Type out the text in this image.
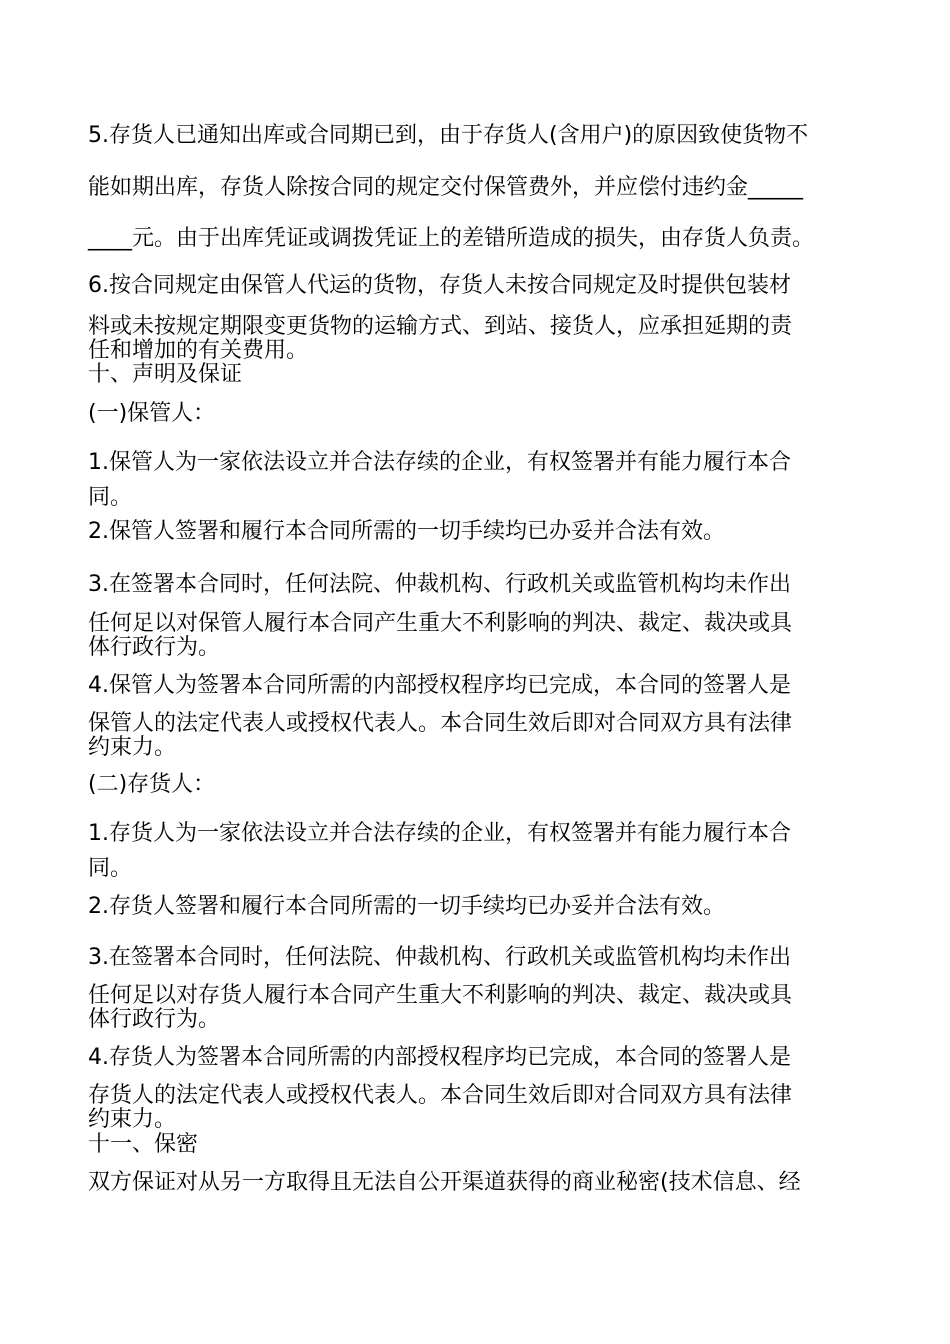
5.存货人已通知出库或合同期已到，由于存货人(含用户)的原因致使货物不

能如期出库，存货人除按合同的规定交付保管费外，并应偿付违约金_____

____元。由于出库凭证或调拨凭证上的差错所造成的损失，由存货人负责。

6.按合同规定由保管人代运的货物，存货人未按合同规定及时提供包装材

料或未按规定期限变更货物的运输方式、到站、接货人，应承担延期的责

任和增加的有关费用。

十、声明及保证

(一)保管人：

1.保管人为一家依法设立并合法存续的企业，有权签署并有能力履行本合

同。

2.保管人签署和履行本合同所需的一切手续均已办妥并合法有效。

3.在签署本合同时，任何法院、仲裁机构、行政机关或监管机构均未作出

任何足以对保管人履行本合同产生重大不利影响的判决、裁定、裁决或具

体行政行为。

4.保管人为签署本合同所需的内部授权程序均已完成，本合同的签署人是

保管人的法定代表人或授权代表人。本合同生效后即对合同双方具有法律

约束力。

(二)存货人：

1.存货人为一家依法设立并合法存续的企业，有权签署并有能力履行本合

同。

2.存货人签署和履行本合同所需的一切手续均已办妥并合法有效。

3.在签署本合同时，任何法院、仲裁机构、行政机关或监管机构均未作出

任何足以对存货人履行本合同产生重大不利影响的判决、裁定、裁决或具

体行政行为。

4.存货人为签署本合同所需的内部授权程序均已完成，本合同的签署人是

存货人的法定代表人或授权代表人。本合同生效后即对合同双方具有法律

约束力。

十一、保密

双方保证对从另一方取得且无法自公开渠道获得的商业秘密(技术信息、经
